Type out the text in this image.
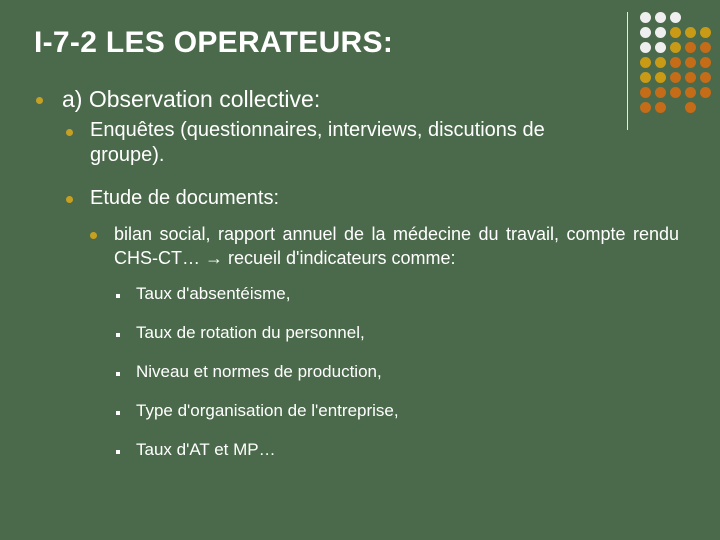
I-7-2 LES OPERATEURS:
a) Observation collective:
Enquêtes (questionnaires, interviews, discutions de groupe).
Etude de documents:
bilan social, rapport annuel de la médecine du travail, compte rendu CHS-CT… → recueil d'indicateurs comme:
Taux d'absentéisme,
Taux de rotation du personnel,
Niveau et normes de production,
Type d'organisation de l'entreprise,
Taux d'AT et MP…
